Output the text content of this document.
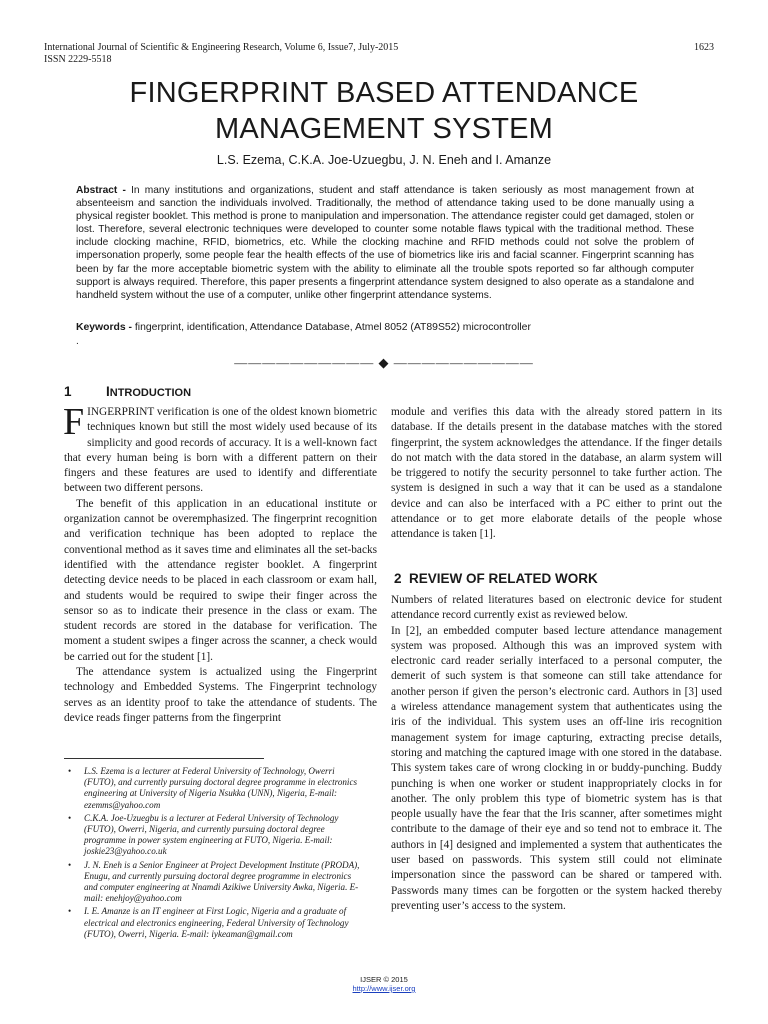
International Journal of Scientific & Engineering Research, Volume 6, Issue7, July-2015
ISSN 2229-5518
1623
FINGERPRINT BASED ATTENDANCE
MANAGEMENT SYSTEM
L.S. Ezema, C.K.A. Joe-Uzuegbu, J. N. Eneh and I. Amanze
Abstract - In many institutions and organizations, student and staff attendance is taken seriously as most management frown at absenteeism and sanction the individuals involved. Traditionally, the method of attendance taking used to be done manually using a physical register booklet. This method is prone to manipulation and impersonation. The attendance register could get damaged, stolen or lost. Therefore, several electronic techniques were developed to counter some notable flaws typical with the traditional method. These include clocking machine, RFID, biometrics, etc. While the clocking machine and RFID methods could not solve the problem of impersonation properly, some people fear the health effects of the use of biometrics like iris and facial scanner. Fingerprint scanning has been by far the more acceptable biometric system with the ability to eliminate all the trouble spots reported so far although computer support is always required. Therefore, this paper presents a fingerprint attendance system designed to also operate as a standalone and handheld system without the use of a computer, unlike other fingerprint attendance systems.
Keywords - fingerprint, identification, Attendance Database, Atmel 8052 (AT89S52) microcontroller
.
—————————— ◆ ——————————
1	INTRODUCTION

FINGERPRINT verification is one of the oldest known biometric techniques known but still the most widely used because of its simplicity and good records of accuracy. It is a well-known fact that every human being is born with a different pattern on their fingers and these features are used to identify and differentiate between two different persons.

The benefit of this application in an educational institute or organization cannot be overemphasized. The fingerprint recognition and verification technique has been adopted to replace the conventional method as it saves time and eliminates all the set-backs identified with the attendance register booklet. A fingerprint detecting device needs to be placed in each classroom or exam hall, and students would be required to swipe their finger across the sensor so as to indicate their presence in the class or exam. The student records are stored in the database for verification. The moment a student swipes a finger across the scanner, a check would be carried out for the student [1].

The attendance system is actualized using the Fingerprint technology and Embedded Systems. The Fingerprint technology serves as an identity proof to take the attendance of students. The device reads finger patterns from the fingerprint

• L.S. Ezema is a lecturer at Federal University of Technology, Owerri (FUTO), and currently pursuing doctoral degree programme in electronics engineering at University of Nigeria Nsukka (UNN), Nigeria, E-mail: ezemms@yahoo.com
• C.K.A. Joe-Uzuegbu is a lecturer at Federal University of Technology (FUTO), Owerri, Nigeria, and currently pursuing doctoral degree programme in power system engineering at FUTO, Nigeria. E-mail: joskie23@yahoo.co.uk
• J. N. Eneh is a Senior Engineer at Project Development Institute (PRODA), Enugu, and currently pursuing doctoral degree programme in electronics and computer engineering at Nnamdi Azikiwe University Awka, Nigeria. E-mail: enehjoy@yahoo.com
• I. E. Amanze is an IT engineer at First Logic, Nigeria and a graduate of electrical and electronics engineering, Federal University of Technology (FUTO), Owerri, Nigeria. E-mail: iykeaman@gmail.com

module and verifies this data with the already stored pattern in its database. If the details present in the database matches with the stored fingerprint, the system acknowledges the attendance. If the finger details do not match with the data stored in the database, an alarm system will be triggered to notify the security personnel to take further action. The system is designed in such a way that it can be used as a standalone device and can also be interfaced with a PC either to print out the attendance or to get more elaborate details of the people whose attendance is taken [1].

2 REVIEW OF RELATED WORK

Numbers of related literatures based on electronic device for student attendance record currently exist as reviewed below.

In [2], an embedded computer based lecture attendance management system was proposed. Although this was an improved system with electronic card reader serially interfaced to a personal computer, the demerit of such system is that someone can still take attendance for another person if given the person’s electronic card. Authors in [3] used a wireless attendance management system that authenticates using the iris of the individual. This system uses an off-line iris recognition management system for image capturing, extracting precise details, storing and matching the captured image with one stored in the database. This system takes care of wrong clocking in or buddy-punching. Buddy punching is when one worker or student inappropriately clocks in for another. The only problem this type of biometric system has is that people usually have the fear that the Iris scanner, after sometimes might contribute to the damage of their eye and so tend not to embrace it. The authors in [4] designed and implemented a system that authenticates the user based on passwords. This system still could not eliminate impersonation since the password can be shared or tampered with. Passwords many times can be forgotten or the system hacked thereby preventing user’s access to the system.

IJSER © 2015
http://www.ijser.org
